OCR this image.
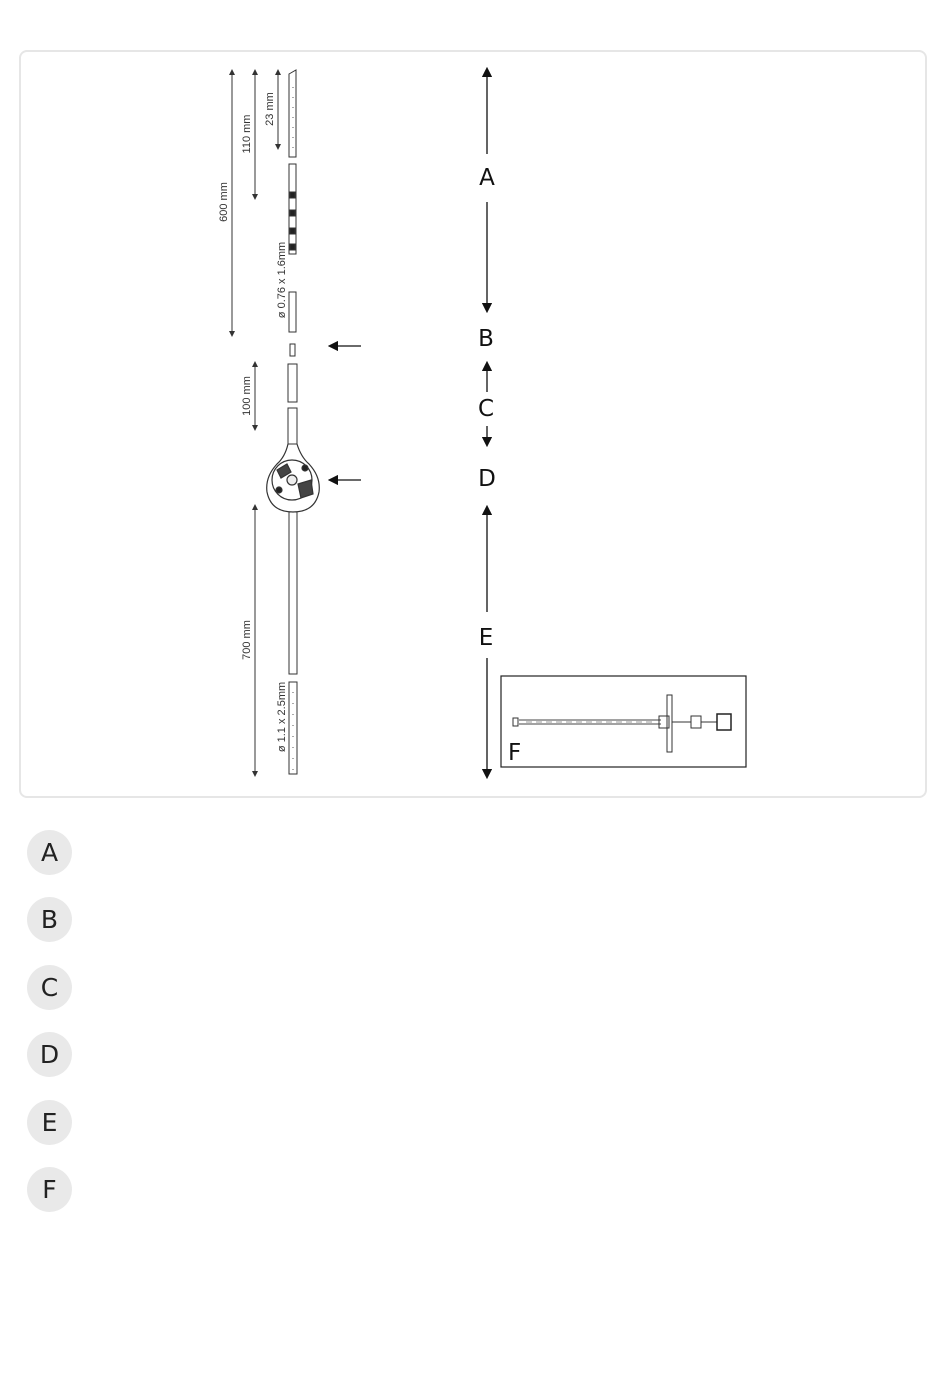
600 mm
110 mm
23 mm
ø 0.76 x 1.6mm
100 mm
700 mm
ø 1.1 x 2.5mm
A
B
C
D
E
F
A
B
C
D
E
F
